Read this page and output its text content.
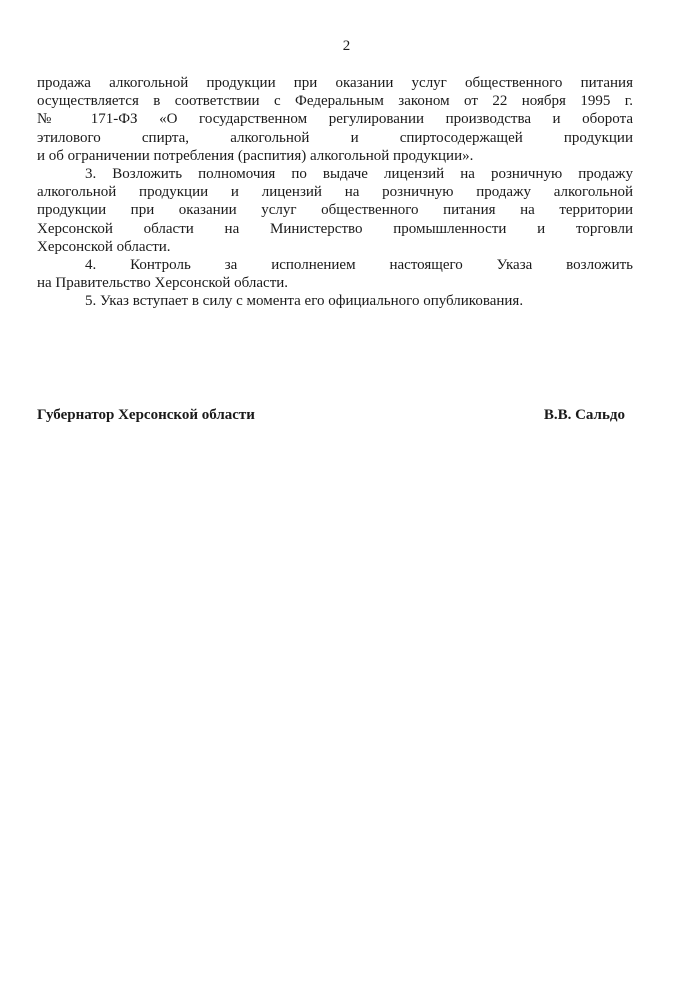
2
продажа алкогольной продукции при оказании услуг общественного питания
осуществляется в соответствии с Федеральным законом от 22 ноября 1995 г.
№ 171-ФЗ «О государственном регулировании производства и оборота
этилового спирта, алкогольной и спиртосодержащей продукции
и об ограничении потребления (распития) алкогольной продукции».
3. Возложить полномочия по выдаче лицензий на розничную продажу
алкогольной продукции и лицензий на розничную продажу алкогольной
продукции при оказании услуг общественного питания на территории
Херсонской области на Министерство промышленности и торговли
Херсонской области.
4. Контроль за исполнением настоящего Указа возложить
на Правительство Херсонской области.
5. Указ вступает в силу с момента его официального опубликования.
Губернатор Херсонской области	В.В. Сальдо
